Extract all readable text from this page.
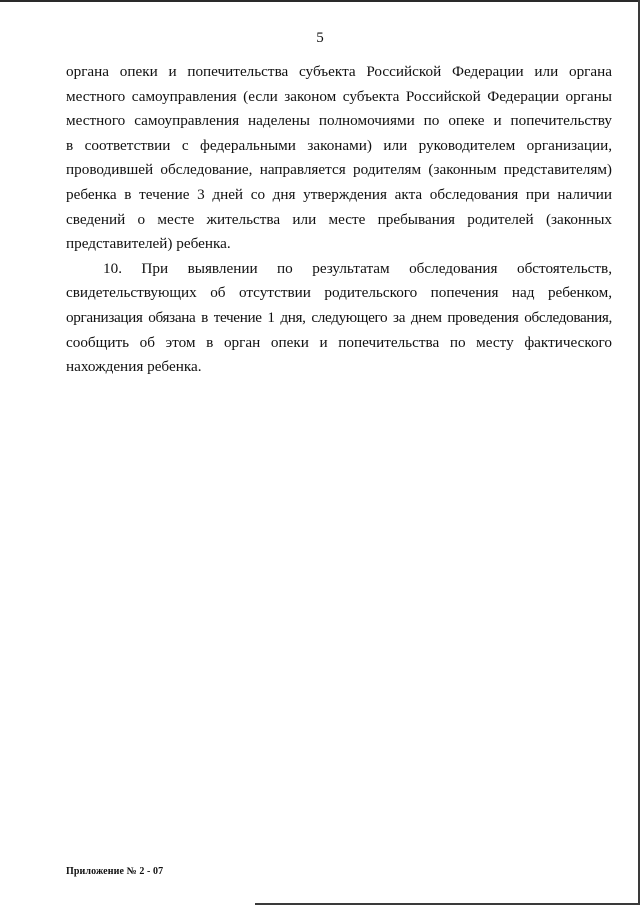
5
органа опеки и попечительства субъекта Российской Федерации или органа
местного самоуправления (если законом субъекта Российской Федерации органы
местного самоуправления наделены полномочиями по опеке и попечительству
в соответствии с федеральными законами) или руководителем организации,
проводившей обследование, направляется родителям (законным представителям)
ребенка в течение 3 дней со дня утверждения акта обследования при наличии
сведений о месте жительства или месте пребывания родителей (законных
представителей) ребенка.
10. При выявлении по результатам обследования обстоятельств,
свидетельствующих об отсутствии родительского попечения над ребенком,
организация обязана в течение 1 дня, следующего за днем проведения обследования,
сообщить об этом в орган опеки и попечительства по месту фактического
нахождения ребенка.
Приложение № 2 - 07
